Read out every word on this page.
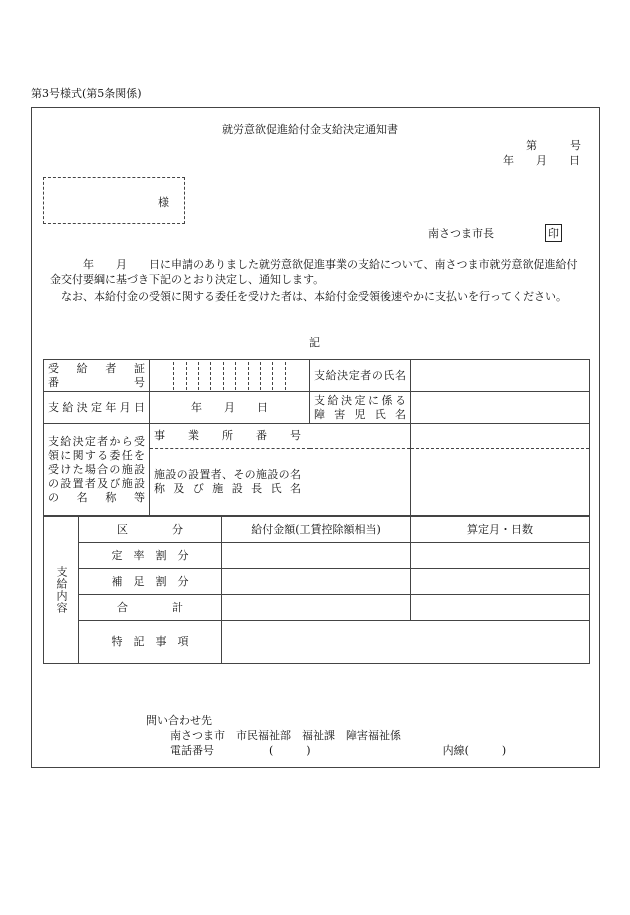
第3号様式(第5条関係)
就労意欲促進給付金支給決定通知書
第　　　号
年　　月　　日
様
南さつま市長	印
　　　年　　月　　日に申請のありました就労意欲促進事業の支給について、南さつま市就労意欲促進給付金交付要綱に基づき下記のとおり決定し、通知します。
　なお、本給付金の受領に関する委任を受けた者は、本給付金受領後速やかに支払いを行ってください。
記
受　給　者　証
番　　　　　号		支給決定者の氏名	

支給決定年月日	年　　月　　日	支給決定に係る
障害児氏名	

支給決定者から受
領に関する委任を
受けた場合の施設
の設置者及び施設
の　名　称　等	事　業　所　番　号		

	施設の設置者、その施設の名
称及び施設長氏名		

支給内容	区　　　　分	給付金額(工賃控除額相当)	算定月・日数
	定　率　割　分		
	補　足　割　分		
	合　　　　計		
	特　記　事　項		
問い合わせ先
南さつま市　市民福祉部　福祉課　障害福祉係
電話番号　　　　　(　　　)　　　　　　　　　　　　内線(　　　)
